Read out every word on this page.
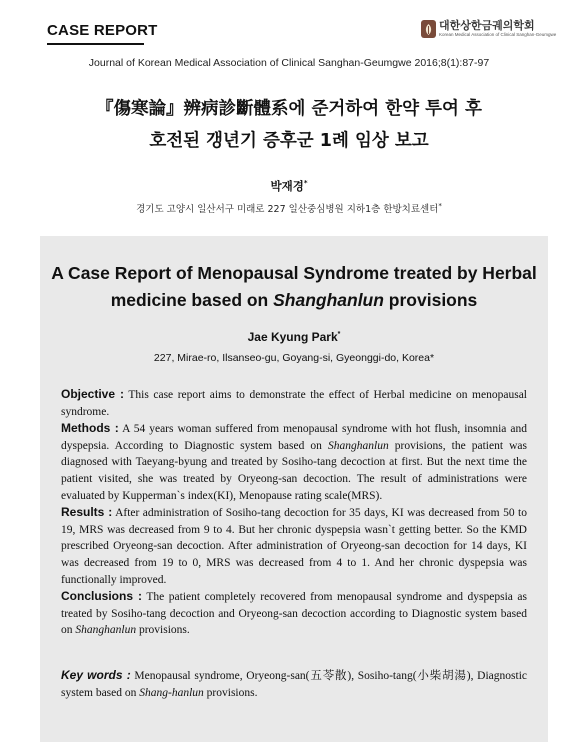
CASE REPORT	대한상한금궤의학회
Korean Medical Association of Clinical Sanghan-Geumgwe
Journal of Korean Medical Association of Clinical Sanghan-Geumgwe 2016;8(1):87-97
『傷寒論』辨病診斷體系에 준거하여 한약 투여 후
호전된 갱년기 증후군 1례 임상 보고
박재경*
경기도 고양시 일산서구 미래로 227 일산중심병원 지하1층 한방치료센터*
A Case Report of Menopausal Syndrome treated by Herbal
medicine based on Shanghanlun provisions
Jae Kyung Park*
227, Mirae-ro, Ilsanseo-gu, Goyang-si, Gyeonggi-do, Korea*

Objective : This case report aims to demonstrate the effect of Herbal medicine on menopausal syndrome.

Methods : A 54 years woman suffered from menopausal syndrome with hot flush, insomnia and dyspepsia. According to Diagnostic system based on Shanghanlun provisions, the patient was diagnosed with Taeyang-byung and treated by Sosiho-tang decoction at first. But the next time the patient visited, she was treated by Oryeong-san decoction. The result of administrations were evaluated by Kupperman`s index(KI), Menopause rating scale(MRS).

Results : After administration of Sosiho-tang decoction for 35 days, KI was decreased from 50 to 19, MRS was decreased from 9 to 4. But her chronic dyspepsia wasn`t getting better. So the KMD prescribed Oryeong-san decoction. After administration of Oryeong-san decoction for 14 days, KI was decreased from 19 to 0, MRS was decreased from 4 to 1. And her chronic dyspepsia was functionally improved.

Conclusions : The patient completely recovered from menopausal syndrome and dyspepsia as treated by Sosiho-tang decoction and Oryeong-san decoction according to Diagnostic system based on Shanghanlun provisions.

Key words : Menopausal syndrome, Oryeong-san(五苓散), Sosiho-tang(小柴胡湯), Diagnostic system based on Shang-hanlun provisions.
